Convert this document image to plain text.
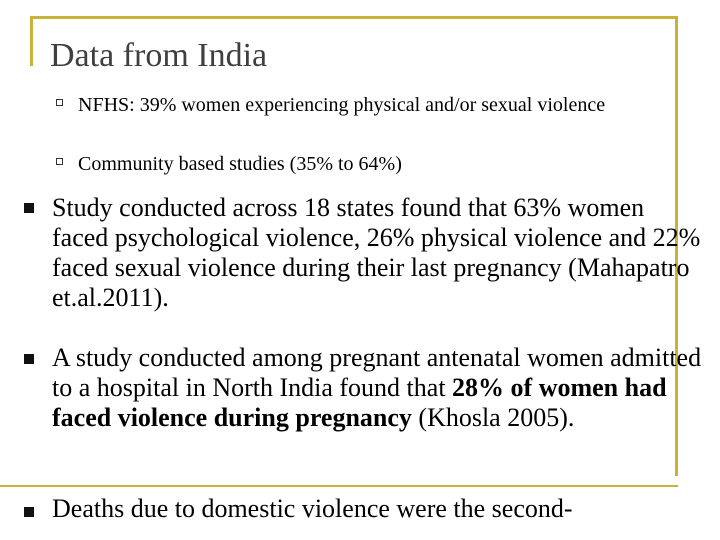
Data from India
NFHS: 39% women experiencing physical and/or sexual violence
Community based studies (35% to 64%)
Study conducted across 18 states found that 63% women faced psychological violence, 26% physical violence and 22% faced sexual violence during their last pregnancy (Mahapatro et.al.2011).
A study conducted among pregnant antenatal women admitted to a hospital in North India found that 28% of women had faced violence during pregnancy (Khosla 2005).
Deaths due to domestic violence were the second-
